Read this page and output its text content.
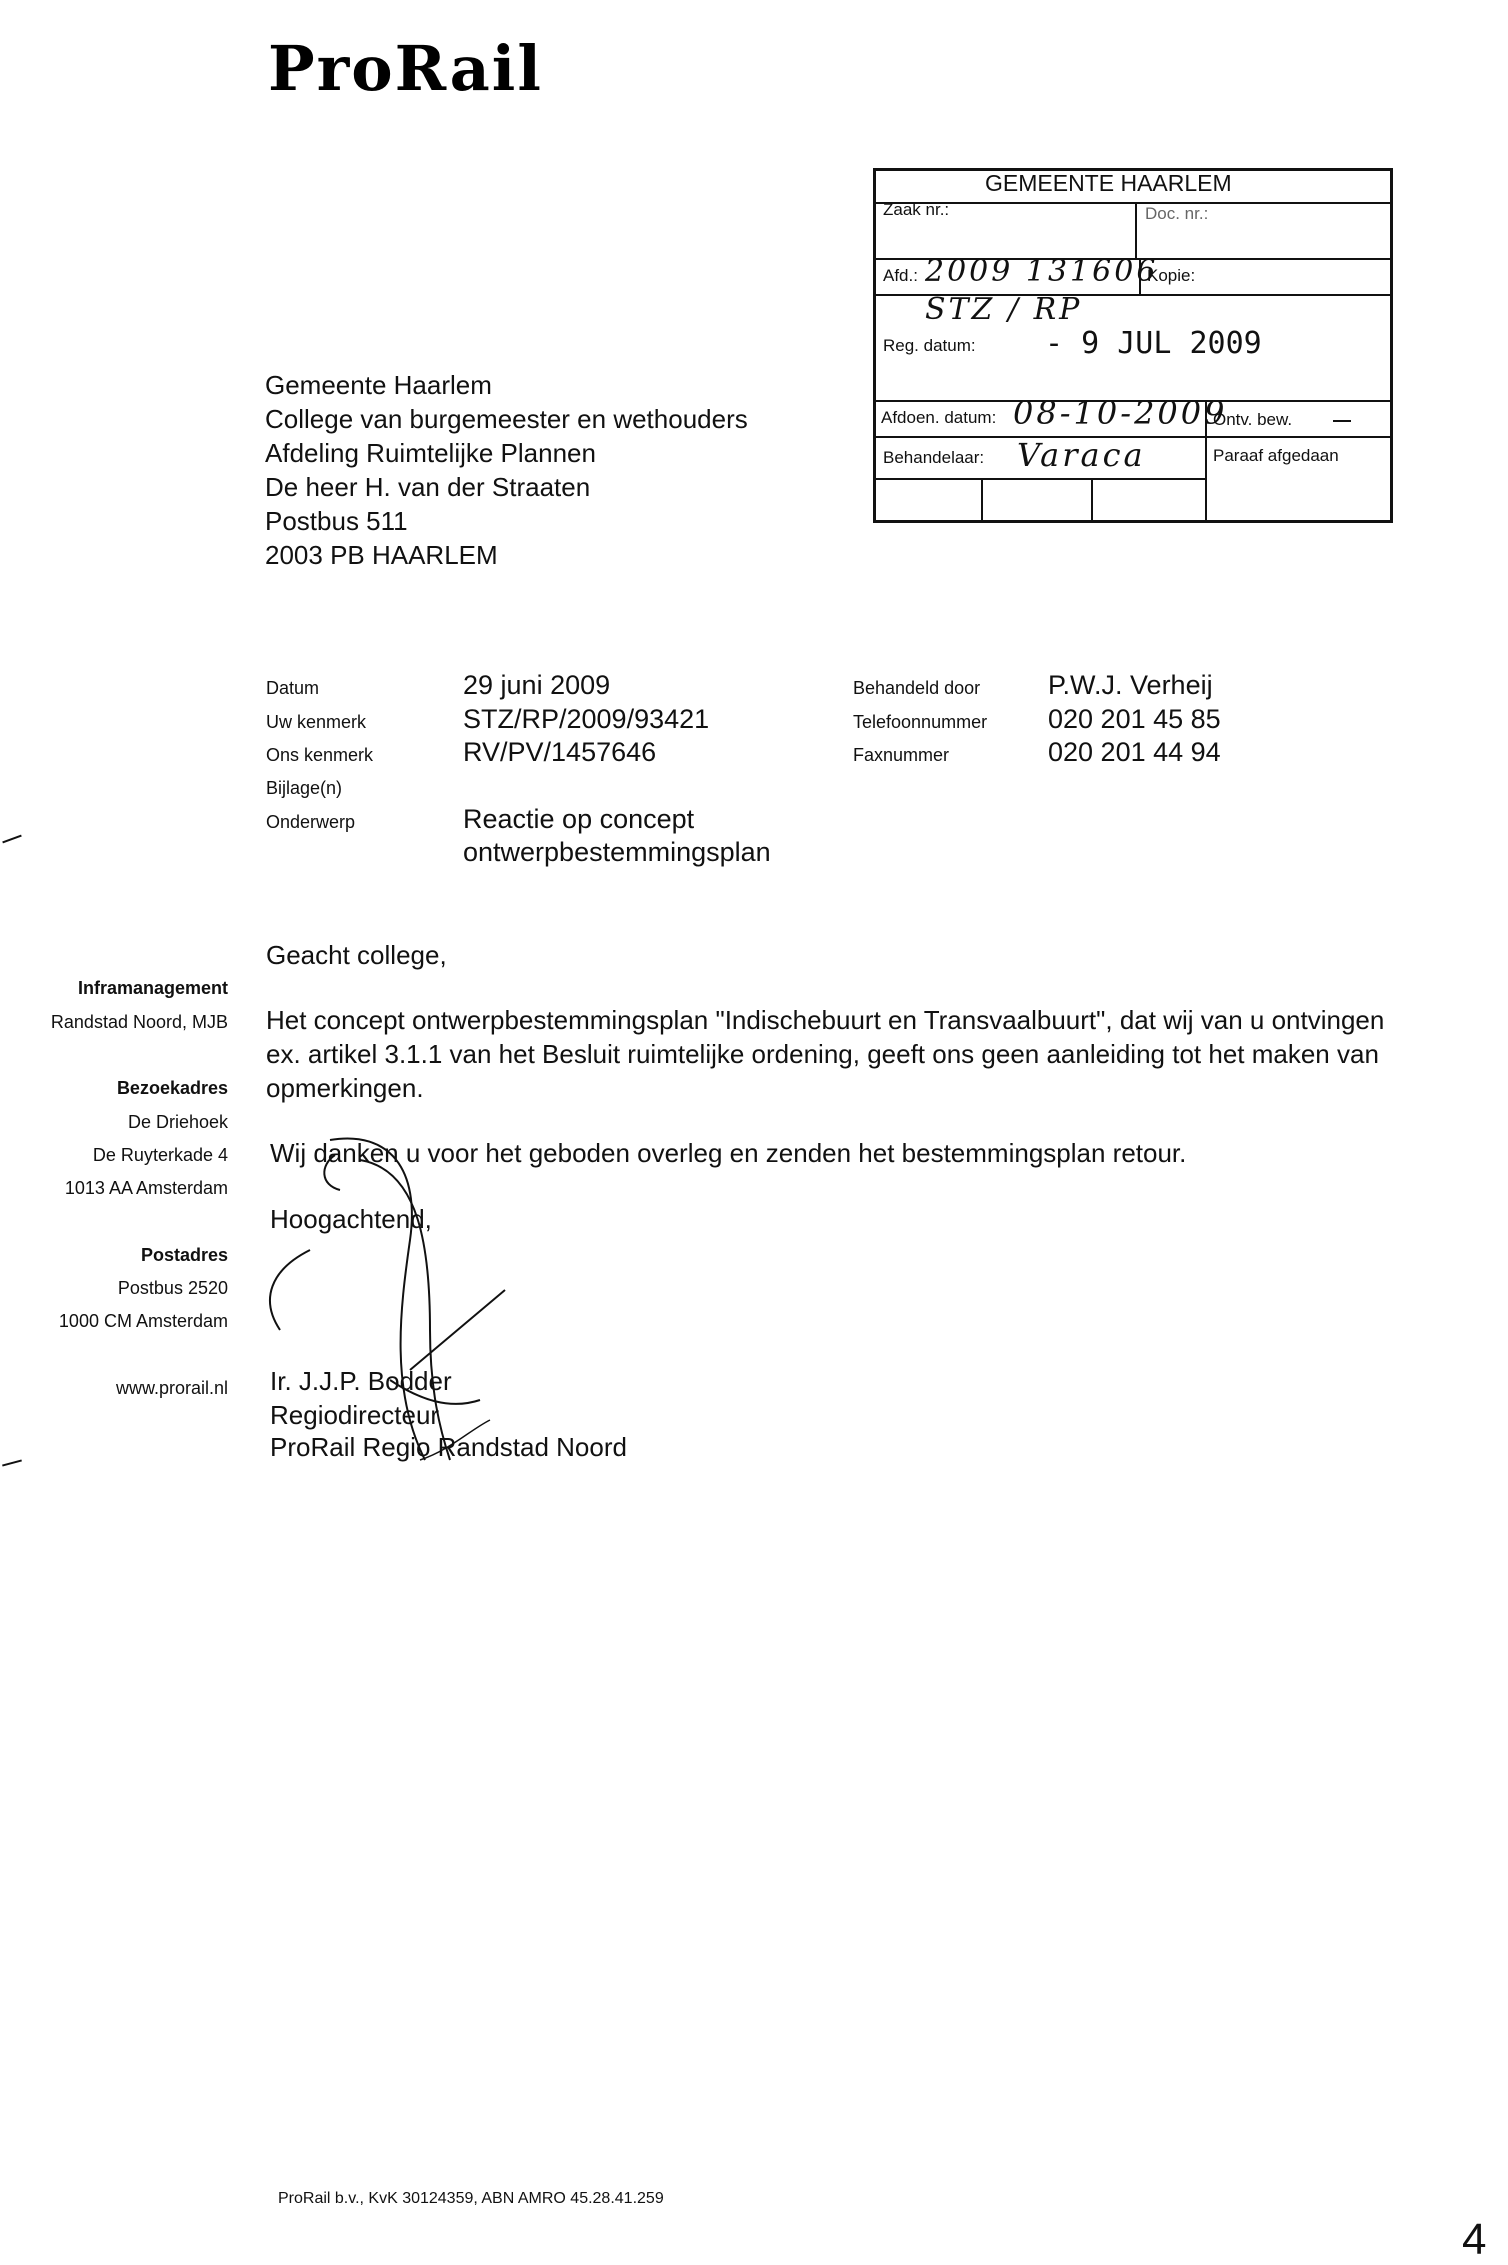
ProRail
Gemeente Haarlem
College van burgemeester en wethouders
Afdeling Ruimtelijke Plannen
De heer H. van der Straaten
Postbus 511
2003 PB HAARLEM
GEMEENTE HAARLEM
Zaak nr.:	Doc. nr.:
Afd.: 2009 131606
Kopie:
STZ / RP
Reg. datum: - 9 JUL 2009
Afdoen. datum: 08-10-2009
Ontv. bew.
Behandelaar: Varaca	Paraaf afgedaan
Datum	29 juni 2009
Uw kenmerk	STZ/RP/2009/93421
Ons kenmerk	RV/PV/1457646
Bijlage(n)
Onderwerp	Reactie op concept
ontwerpbestemmingsplan
Behandeld door	P.W.J. Verheij
Telefoonnummer 020 201 45 85
Faxnummer	020 201 44 94
Inframanagement
Randstad Noord, MJB
Bezoekadres
De Driehoek
De Ruyterkade 4
1013 AA Amsterdam
Postadres
Postbus 2520
1000 CM Amsterdam
www.prorail.nl
Geacht college,
Het concept ontwerpbestemmingsplan "Indischebuurt en Transvaalbuurt", dat wij van u ontvingen
ex. artikel 3.1.1 van het Besluit ruimtelijke ordening, geeft ons geen aanleiding tot het maken van
opmerkingen.
Wij danken u voor het geboden overleg en zenden het bestemmingsplan retour.
Hoogachtend,
Ir. J.J.P. Bodder
Regiodirecteur
ProRail Regio Randstad Noord
ProRail b.v., KvK 30124359, ABN AMRO 45.28.41.259
4
